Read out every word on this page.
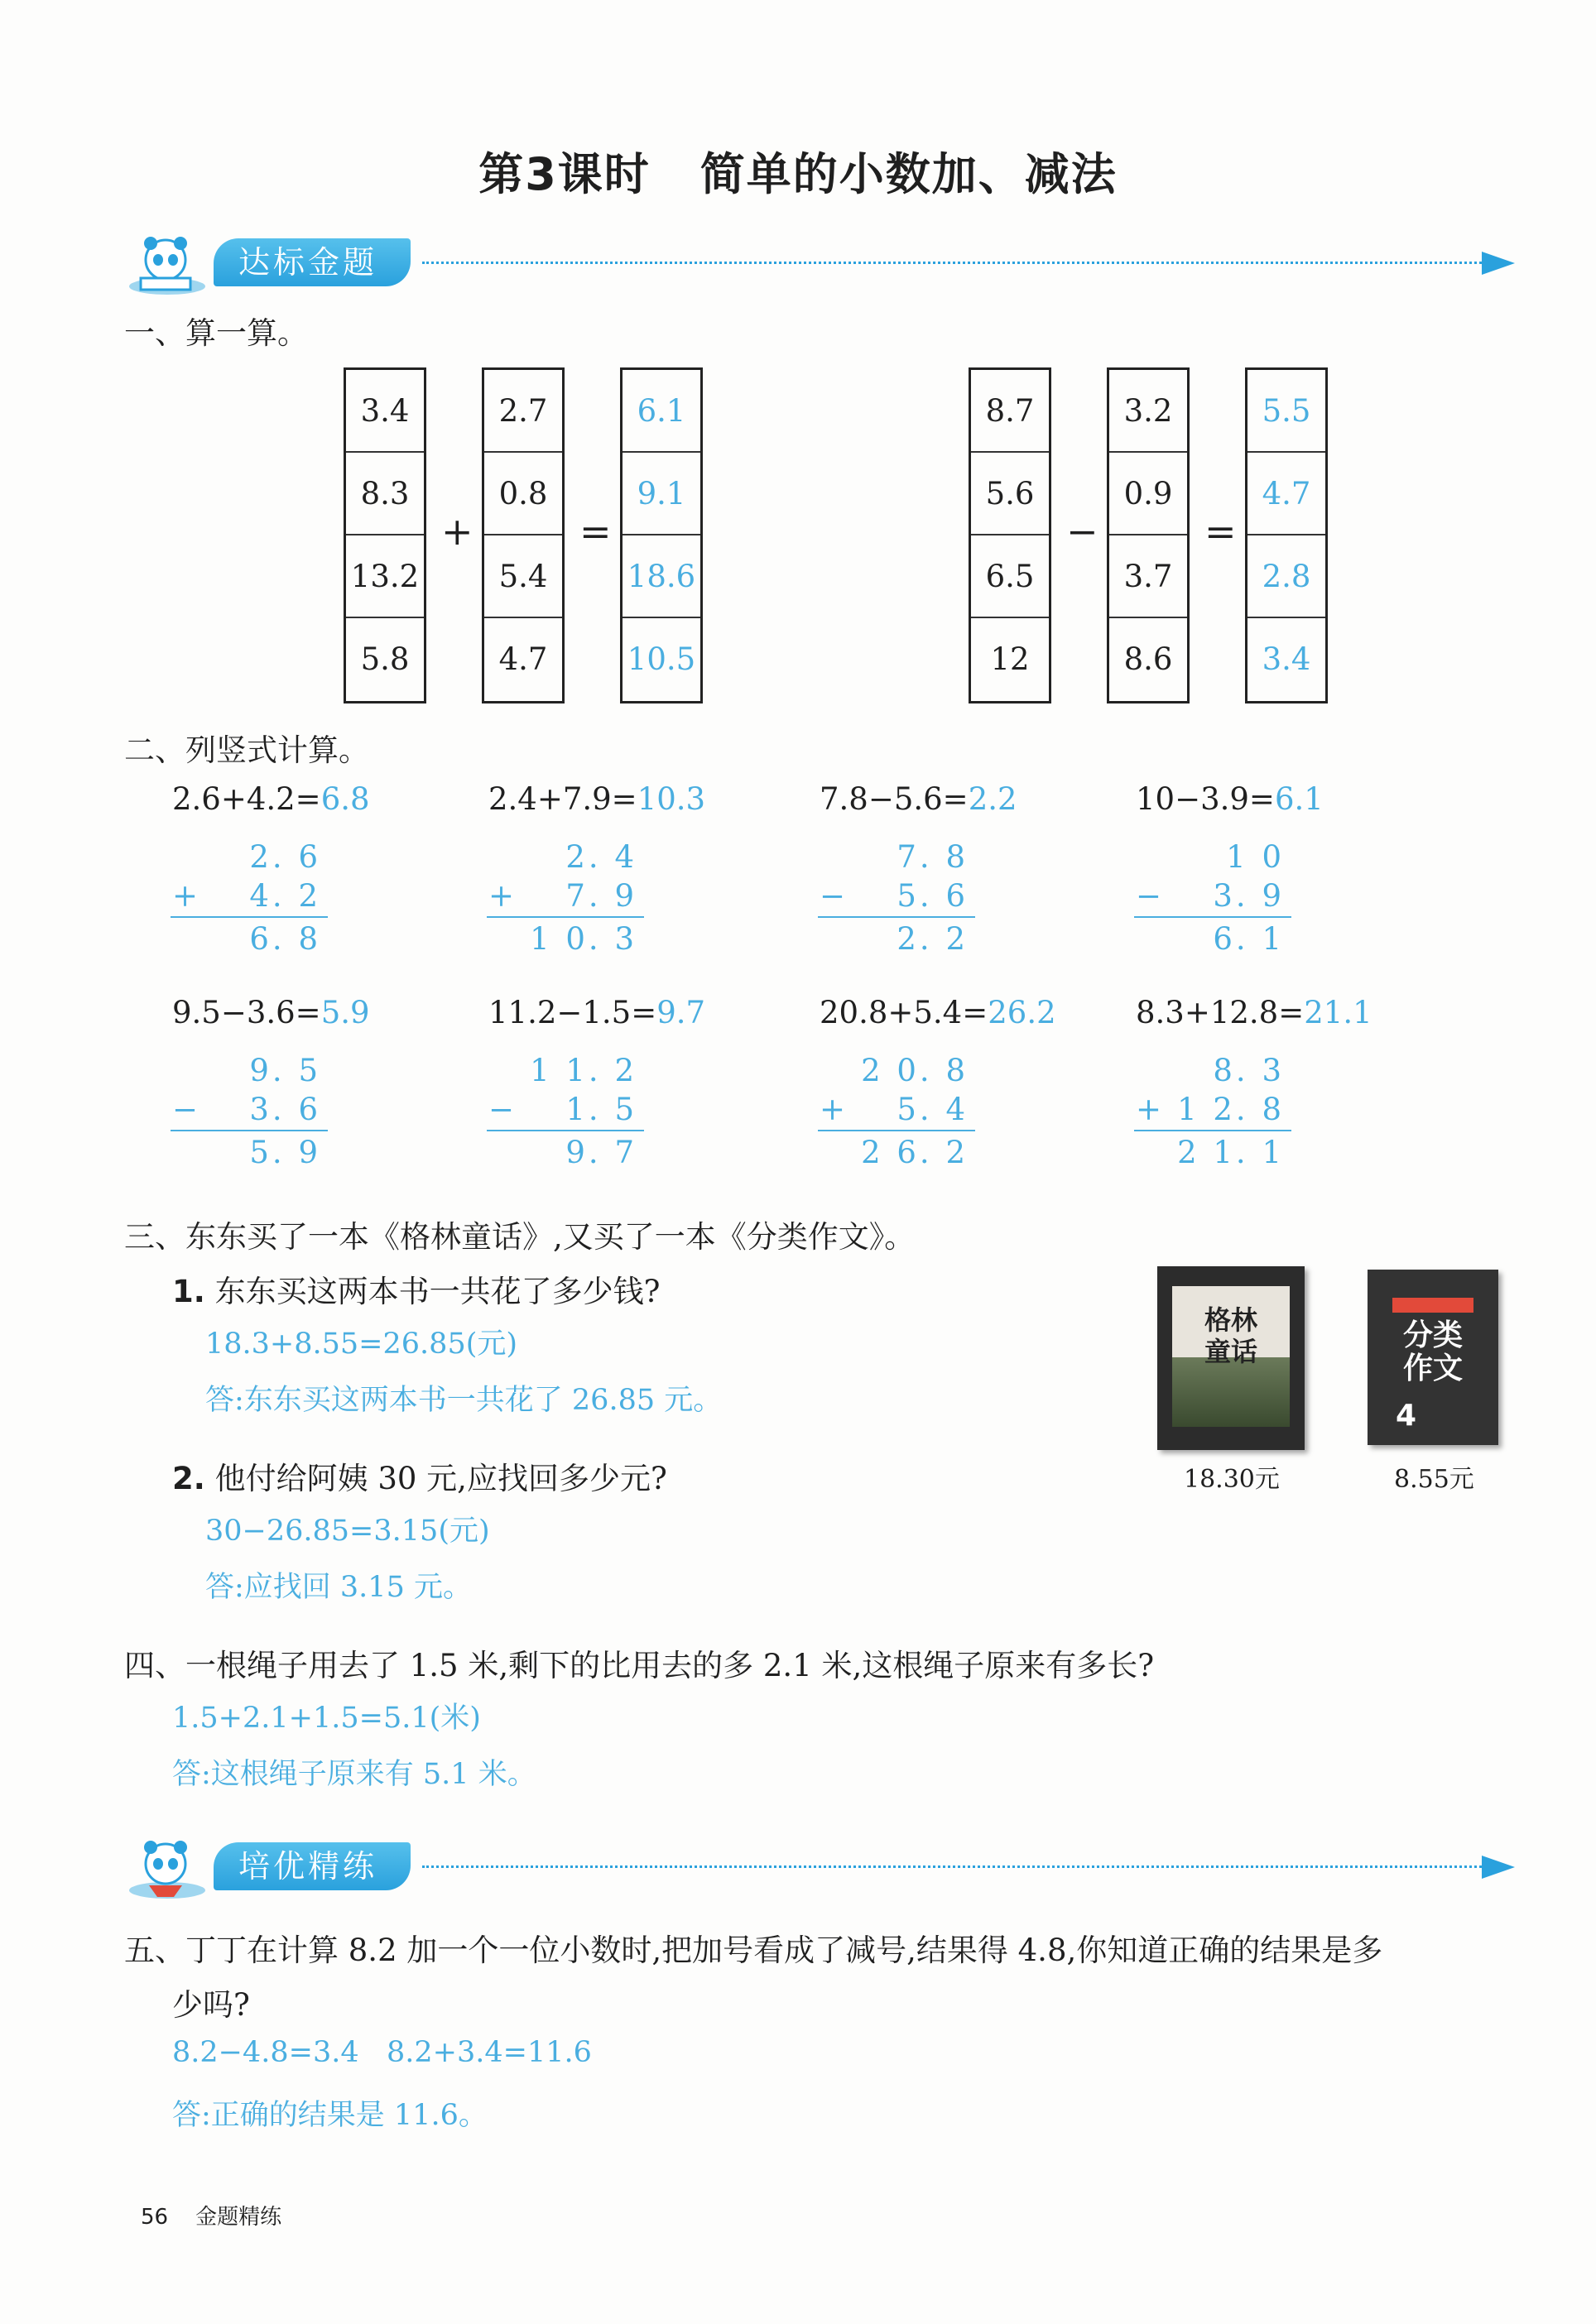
第3课时 简单的小数加、减法
达标金题
一、算一算。
3.4
8.3
13.2
5.8
+
2.7
0.8
5.4
4.7
=
6.1
9.1
18.6
10.5
8.7
5.6
6.5
12
−
3.2
0.9
3.7
8.6
=
5.5
4.7
2.8
3.4
二、列竖式计算。
2.6+4.2=6.8
2. 6
+ 4. 2
6. 8
2.4+7.9=10.3
2. 4
+ 7. 9
1 0. 3
7.8−5.6=2.2
7. 8
− 5. 6
2. 2
10−3.9=6.1
1 0
− 3. 9
6. 1
9.5−3.6=5.9
9. 5
− 3. 6
5. 9
11.2−1.5=9.7
1 1. 2
− 1. 5
9. 7
20.8+5.4=26.2
2 0. 8
+ 5. 4
2 6. 2
8.3+12.8=21.1
8. 3
+ 1 2. 8
2 1. 1
三、东东买了一本《格林童话》,又买了一本《分类作文》。
1. 东东买这两本书一共花了多少钱?
18.3+8.55=26.85(元)
答:东东买这两本书一共花了 26.85 元。
2. 他付给阿姨 30 元,应找回多少元?
30−26.85=3.15(元)
答:应找回 3.15 元。
格林
童话
18.30元
分类
作文
4
8.55元
四、一根绳子用去了 1.5 米,剩下的比用去的多 2.1 米,这根绳子原来有多长?
1.5+2.1+1.5=5.1(米)
答:这根绳子原来有 5.1 米。
培优精练
五、丁丁在计算 8.2 加一个一位小数时,把加号看成了减号,结果得 4.8,你知道正确的结果是多
少吗?
8.2−4.8=3.4   8.2+3.4=11.6
答:正确的结果是 11.6。
56 金题精练
